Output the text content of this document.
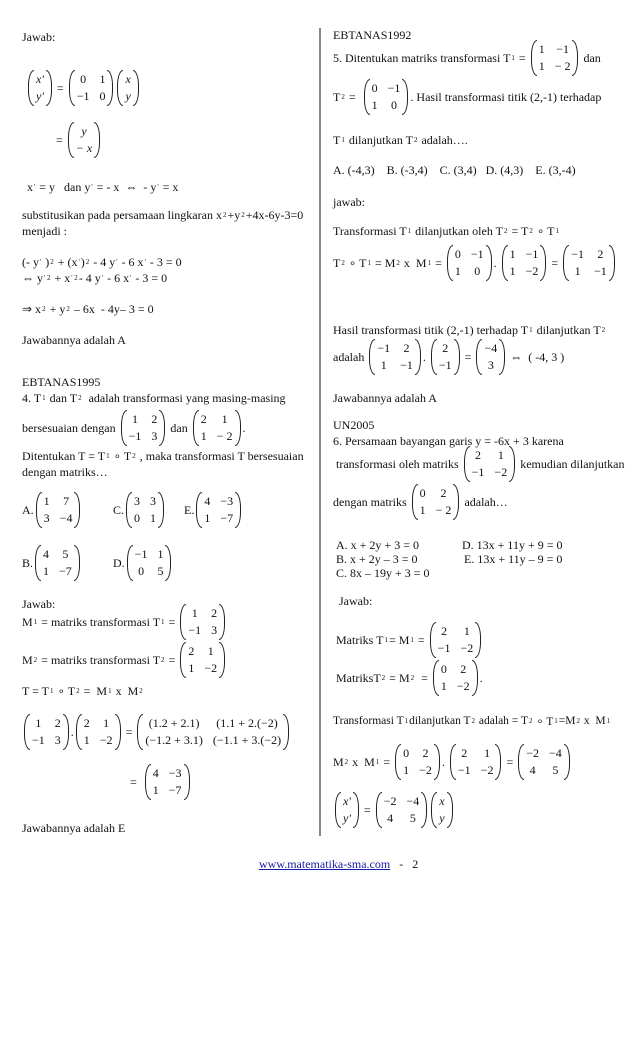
Jawab:
x'
y'
=
0 1
−1 0
x
y
=
y
− x
x ' = y   dan y ' = - x  ⇔  - y ' = x
substitusikan pada persamaan lingkaran x 2 +y 2 +4x-6y-3=0
menjadi :
(- y ' ) 2 + (x ' ) 2 - 4 y ' - 6 x ' - 3 = 0
⇔ y ' 2 + x ' 2 - 4 y ' - 6 x ' - 3 = 0
⇒ x 2 + y 2 – 6x  - 4y– 3 = 0
Jawabannya adalah A
EBTANAS1995
4. T 1 dan T 2 adalah transformasi yang masing-masing
bersesuaian dengan
1 2
−1 3
dan
2	1
1 − 2
.
Ditentukan T = T 1 ∘ T 2 , maka transformasi T bersesuaian
dengan matriks…
A.
1 7
3 −4
C.
3 3
0 1
E.
4 −3
1 −7
B.
4 5
1 −7
D.
−1 1
0 5
Jawab:
M 1 = matriks transformasi T 1 =
1 2
−1 3
M 2 = matriks transformasi T 2 =
2 1
1 −2
T = T 1 ∘ T 2 =  M 1 x  M 2
1 2
−1 3
.
2 1
1 −2
=
(1.2 + 2.1) (1.1 + 2.(−2)
(−1.2 + 3.1) (−1.1 + 3.(−2)
=
4 −3
1 −7
Jawabannya adalah E
EBTANAS1992
5. Ditentukan matriks transformasi T 1 =
1 −1
1 − 2
dan
T 2 =
0 −1
1 0
. Hasil transformasi titik (2,-1) terhadap
T 1 dilanjutkan T 2 adalah….
A. (-4,3)    B. (-3,4)    C. (3,4)   D. (4,3)    E. (3,-4)
jawab:
Transformasi T 1 dilanjutkan oleh T 2 = T 2 ∘ T 1
T 2 ∘ T 1 = M 2 x  M 1 =
0 −1
1 0
.
1 −1
1 −2
=
−1 2
1 −1
Hasil transformasi titik (2,-1) terhadap T 1 dilanjutkan T 2
adalah
−1 2
1 −1
.
2
−1
=
−4
3
⇔  ( -4, 3 )
Jawabannya adalah A
UN2005
6. Persamaan bayangan garis y = -6x + 3 karena
transformasi oleh matriks
2 1
−1 −2
kemudian dilanjutkan
dengan matriks
0	2
1 − 2
adalah…
A. x + 2y + 3 = 0	D. 13x + 11y + 9 = 0
B. x + 2y – 3 = 0	E. 13x + 11y – 9 = 0
C. 8x – 19y + 3 = 0
Jawab:
Matriks T 1 = M 1 =
2 1
−1 −2
MatriksT 2 = M 2 =
0 2
1 −2
.
Transformasi T 1 dilanjutkan T 2 adalah = T 2 ∘ T 1 =M 2 x  M 1
M 2 x  M 1 =
0 2
1 −2
.
2 1
−1 −2
=
−2 −4
4 5
x'
y'
=
−2 −4
4 5
x
y

www.matematika-sma.com - 2
